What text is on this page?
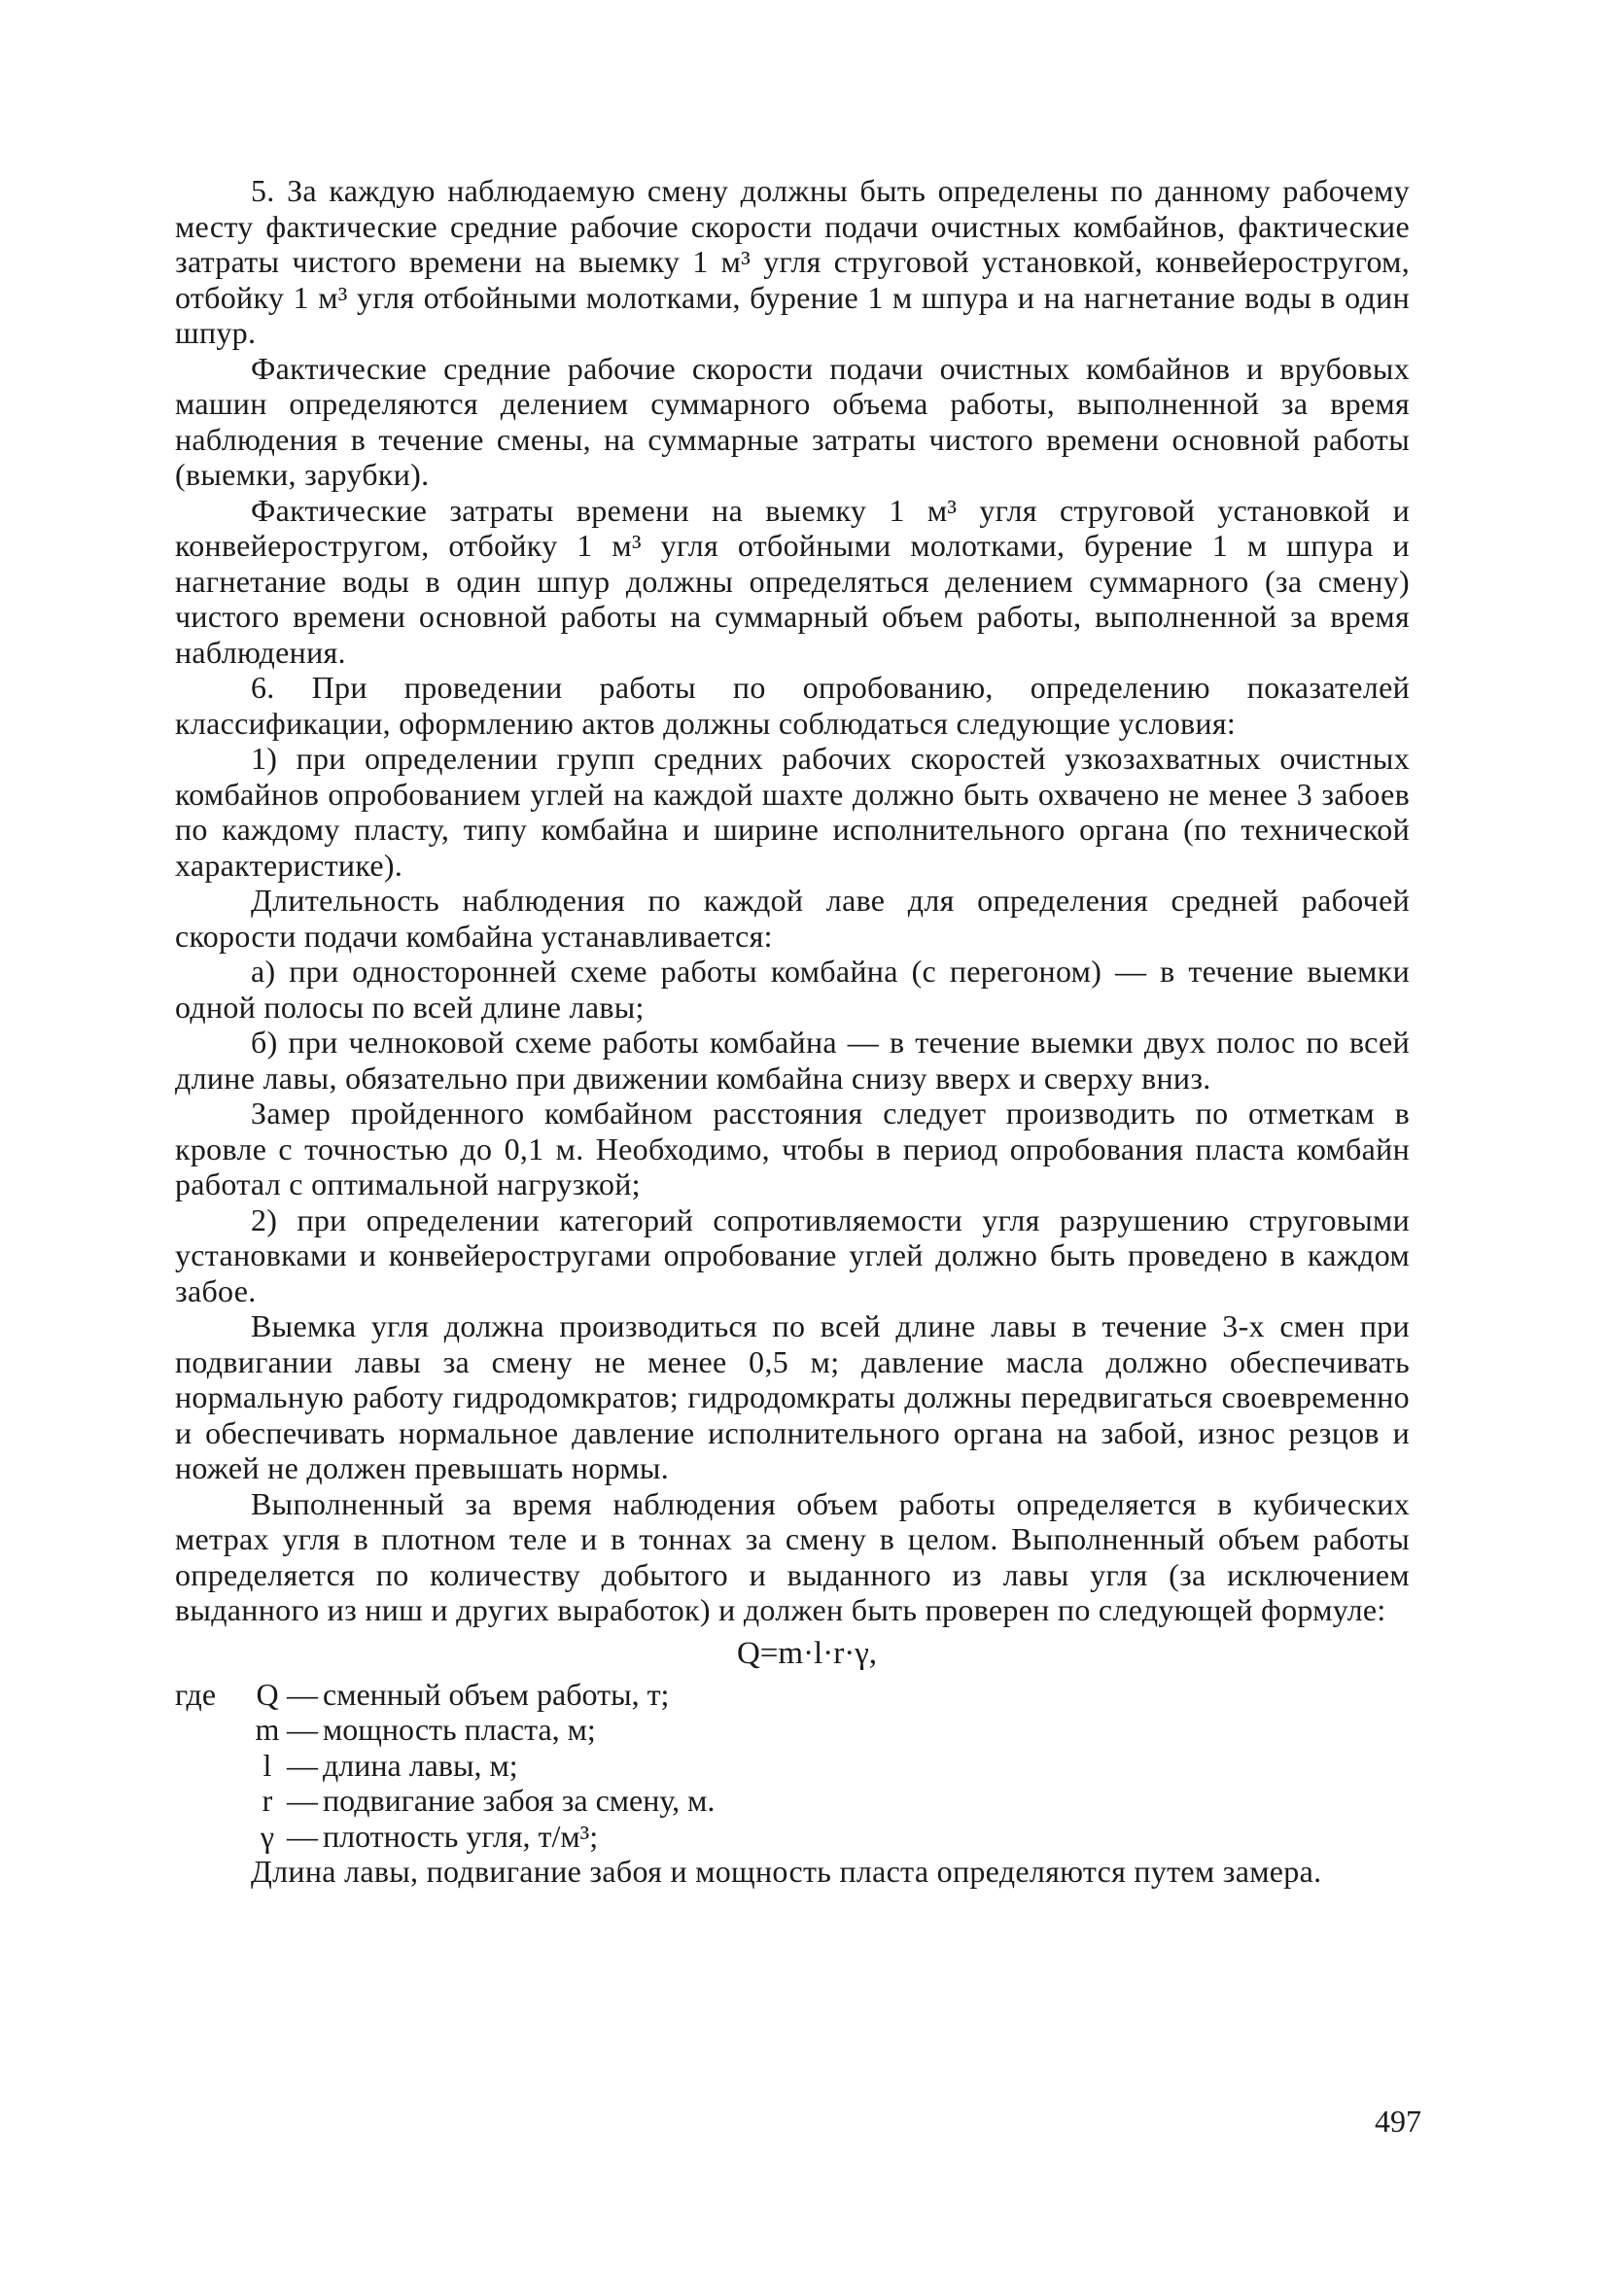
5. За каждую наблюдаемую смену должны быть определены по данному рабочему месту фактические средние рабочие скорости подачи очистных комбайнов, фактические затраты чистого времени на выемку 1 м³ угля струговой установкой, конвейеростругом, отбойку 1 м³ угля отбойными молотками, бурение 1 м шпура и на нагнетание воды в один шпур.

Фактические средние рабочие скорости подачи очистных комбайнов и врубовых машин определяются делением суммарного объема работы, выполненной за время наблюдения в течение смены, на суммарные затраты чистого времени основной работы (выемки, зарубки).

Фактические затраты времени на выемку 1 м³ угля струговой установкой и конвейеростругом, отбойку 1 м³ угля отбойными молотками, бурение 1 м шпура и нагнетание воды в один шпур должны определяться делением суммарного (за смену) чистого времени основной работы на суммарный объем работы, выполненной за время наблюдения.

6. При проведении работы по опробованию, определению показателей классификации, оформлению актов должны соблюдаться следующие условия:

1) при определении групп средних рабочих скоростей узкозахватных очистных комбайнов опробованием углей на каждой шахте должно быть охвачено не менее 3 забоев по каждому пласту, типу комбайна и ширине исполнительного органа (по технической характеристике).

Длительность наблюдения по каждой лаве для определения средней рабочей скорости подачи комбайна устанавливается:

а) при односторонней схеме работы комбайна (с перегоном) — в течение выемки одной полосы по всей длине лавы;

б) при челноковой схеме работы комбайна — в течение выемки двух полос по всей длине лавы, обязательно при движении комбайна снизу вверх и сверху вниз.

Замер пройденного комбайном расстояния следует производить по отметкам в кровле с точностью до 0,1 м. Необходимо, чтобы в период опробования пласта комбайн работал с оптимальной нагрузкой;

2) при определении категорий сопротивляемости угля разрушению струговыми установками и конвейеростругами опробование углей должно быть проведено в каждом забое.

Выемка угля должна производиться по всей длине лавы в течение 3-х смен при подвигании лавы за смену не менее 0,5 м; давление масла должно обеспечивать нормальную работу гидродомкратов; гидродомкраты должны передвигаться своевременно и обеспечивать нормальное давление исполнительного органа на забой, износ резцов и ножей не должен превышать нормы.

Выполненный за время наблюдения объем работы определяется в кубических метрах угля в плотном теле и в тоннах за смену в целом. Выполненный объем работы определяется по количеству добытого и выданного из лавы угля (за исключением выданного из ниш и других выработок) и должен быть проверен по следующей формуле:

Q=m·l·r·γ,
где	Q — сменный объем работы, т;
m — мощность пласта, м;
l — длина лавы, м;
r — подвигание забоя за смену, м.
γ — плотность угля, т/м³;

Длина лавы, подвигание забоя и мощность пласта определяются путем замера.

497
